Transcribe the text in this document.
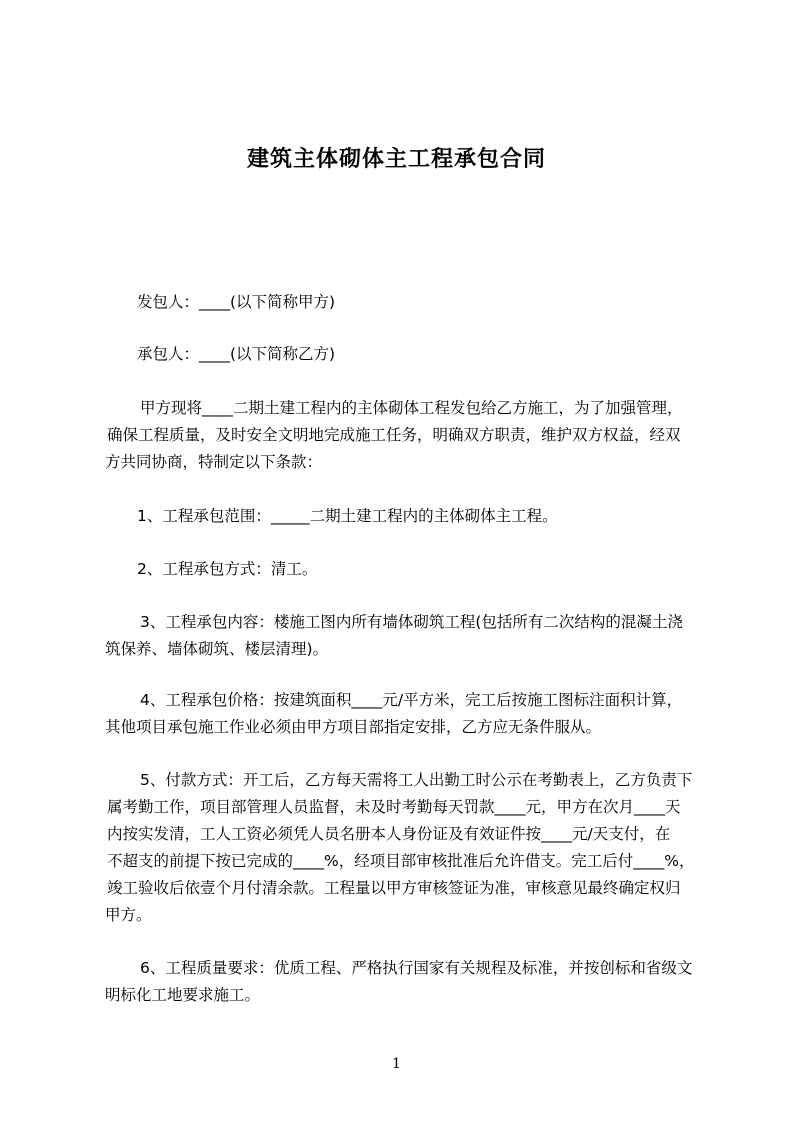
建筑主体砌体主工程承包合同
发包人：____(以下简称甲方)
承包人：____(以下简称乙方)
甲方现将____二期土建工程内的主体砌体工程发包给乙方施工，为了加强管理，
确保工程质量，及时安全文明地完成施工任务，明确双方职责，维护双方权益，经双
方共同协商，特制定以下条款：
1、工程承包范围：_____二期土建工程内的主体砌体主工程。
2、工程承包方式：清工。
3、工程承包内容：楼施工图内所有墙体砌筑工程(包括所有二次结构的混凝土浇
筑保养、墙体砌筑、楼层清理)。
4、工程承包价格：按建筑面积____元/平方米，完工后按施工图标注面积计算，
其他项目承包施工作业必须由甲方项目部指定安排，乙方应无条件服从。
5、付款方式：开工后，乙方每天需将工人出勤工时公示在考勤表上，乙方负责下
属考勤工作，项目部管理人员监督，未及时考勤每天罚款____元，甲方在次月____天
内按实发清，工人工资必须凭人员名册本人身份证及有效证件按____元/天支付，在
不超支的前提下按已完成的____%，经项目部审核批准后允许借支。完工后付____%，
竣工验收后依壹个月付清余款。工程量以甲方审核签证为准，审核意见最终确定权归
甲方。
6、工程质量要求：优质工程、严格执行国家有关规程及标准，并按创标和省级文
明标化工地要求施工。
1
